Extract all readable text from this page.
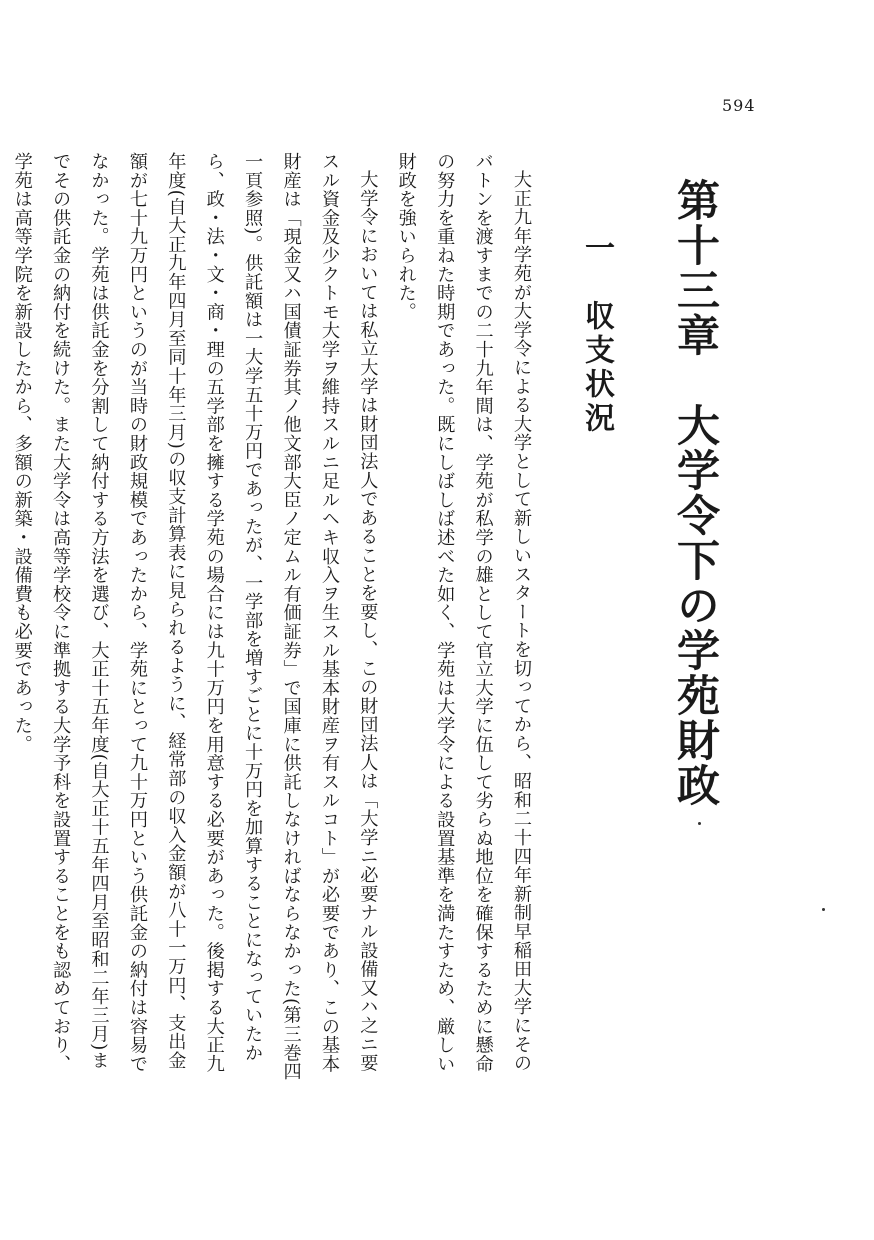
594
第十三章　大学令下の学苑財政
一　収支状況

大正九年学苑が大学令による大学として新しいスタートを切ってから、昭和二十四年新制早稲田大学にそのバトンを渡すまでの二十九年間は、学苑が私学の雄として官立大学に伍して劣らぬ地位を確保するために懸命の努力を重ねた時期であった。既にしばしば述べた如く、学苑は大学令による設置基準を満たすため、厳しい財政を強いられた。

大学令においては私立大学は財団法人であることを要し、この財団法人は「大学ニ必要ナル設備又ハ之ニ要スル資金及少クトモ大学ヲ維持スルニ足ルヘキ収入ヲ生スル基本財産ヲ有スルコト」が必要であり、この基本財産は「現金又ハ国債証券其ノ他文部大臣ノ定ムル有価証券」で国庫に供託しなければならなかった(第三巻四一頁参照)。供託額は一大学五十万円であったが、一学部を増すごとに十万円を加算することになっていたから、政・法・文・商・理の五学部を擁する学苑の場合には九十万円を用意する必要があった。後掲する大正九年度(自大正九年四月至同十年三月)の収支計算表に見られるように、経常部の収入金額が八十一万円、支出金額が七十九万円というのが当時の財政規模であったから、学苑にとって九十万円という供託金の納付は容易でなかった。学苑は供託金を分割して納付する方法を選び、大正十五年度(自大正十五年四月至昭和二年三月)までその供託金の納付を続けた。また大学令は高等学校令に準拠する大学予科を設置することをも認めており、学苑は高等学院を新設したから、多額の新築・設備費も必要であった。
